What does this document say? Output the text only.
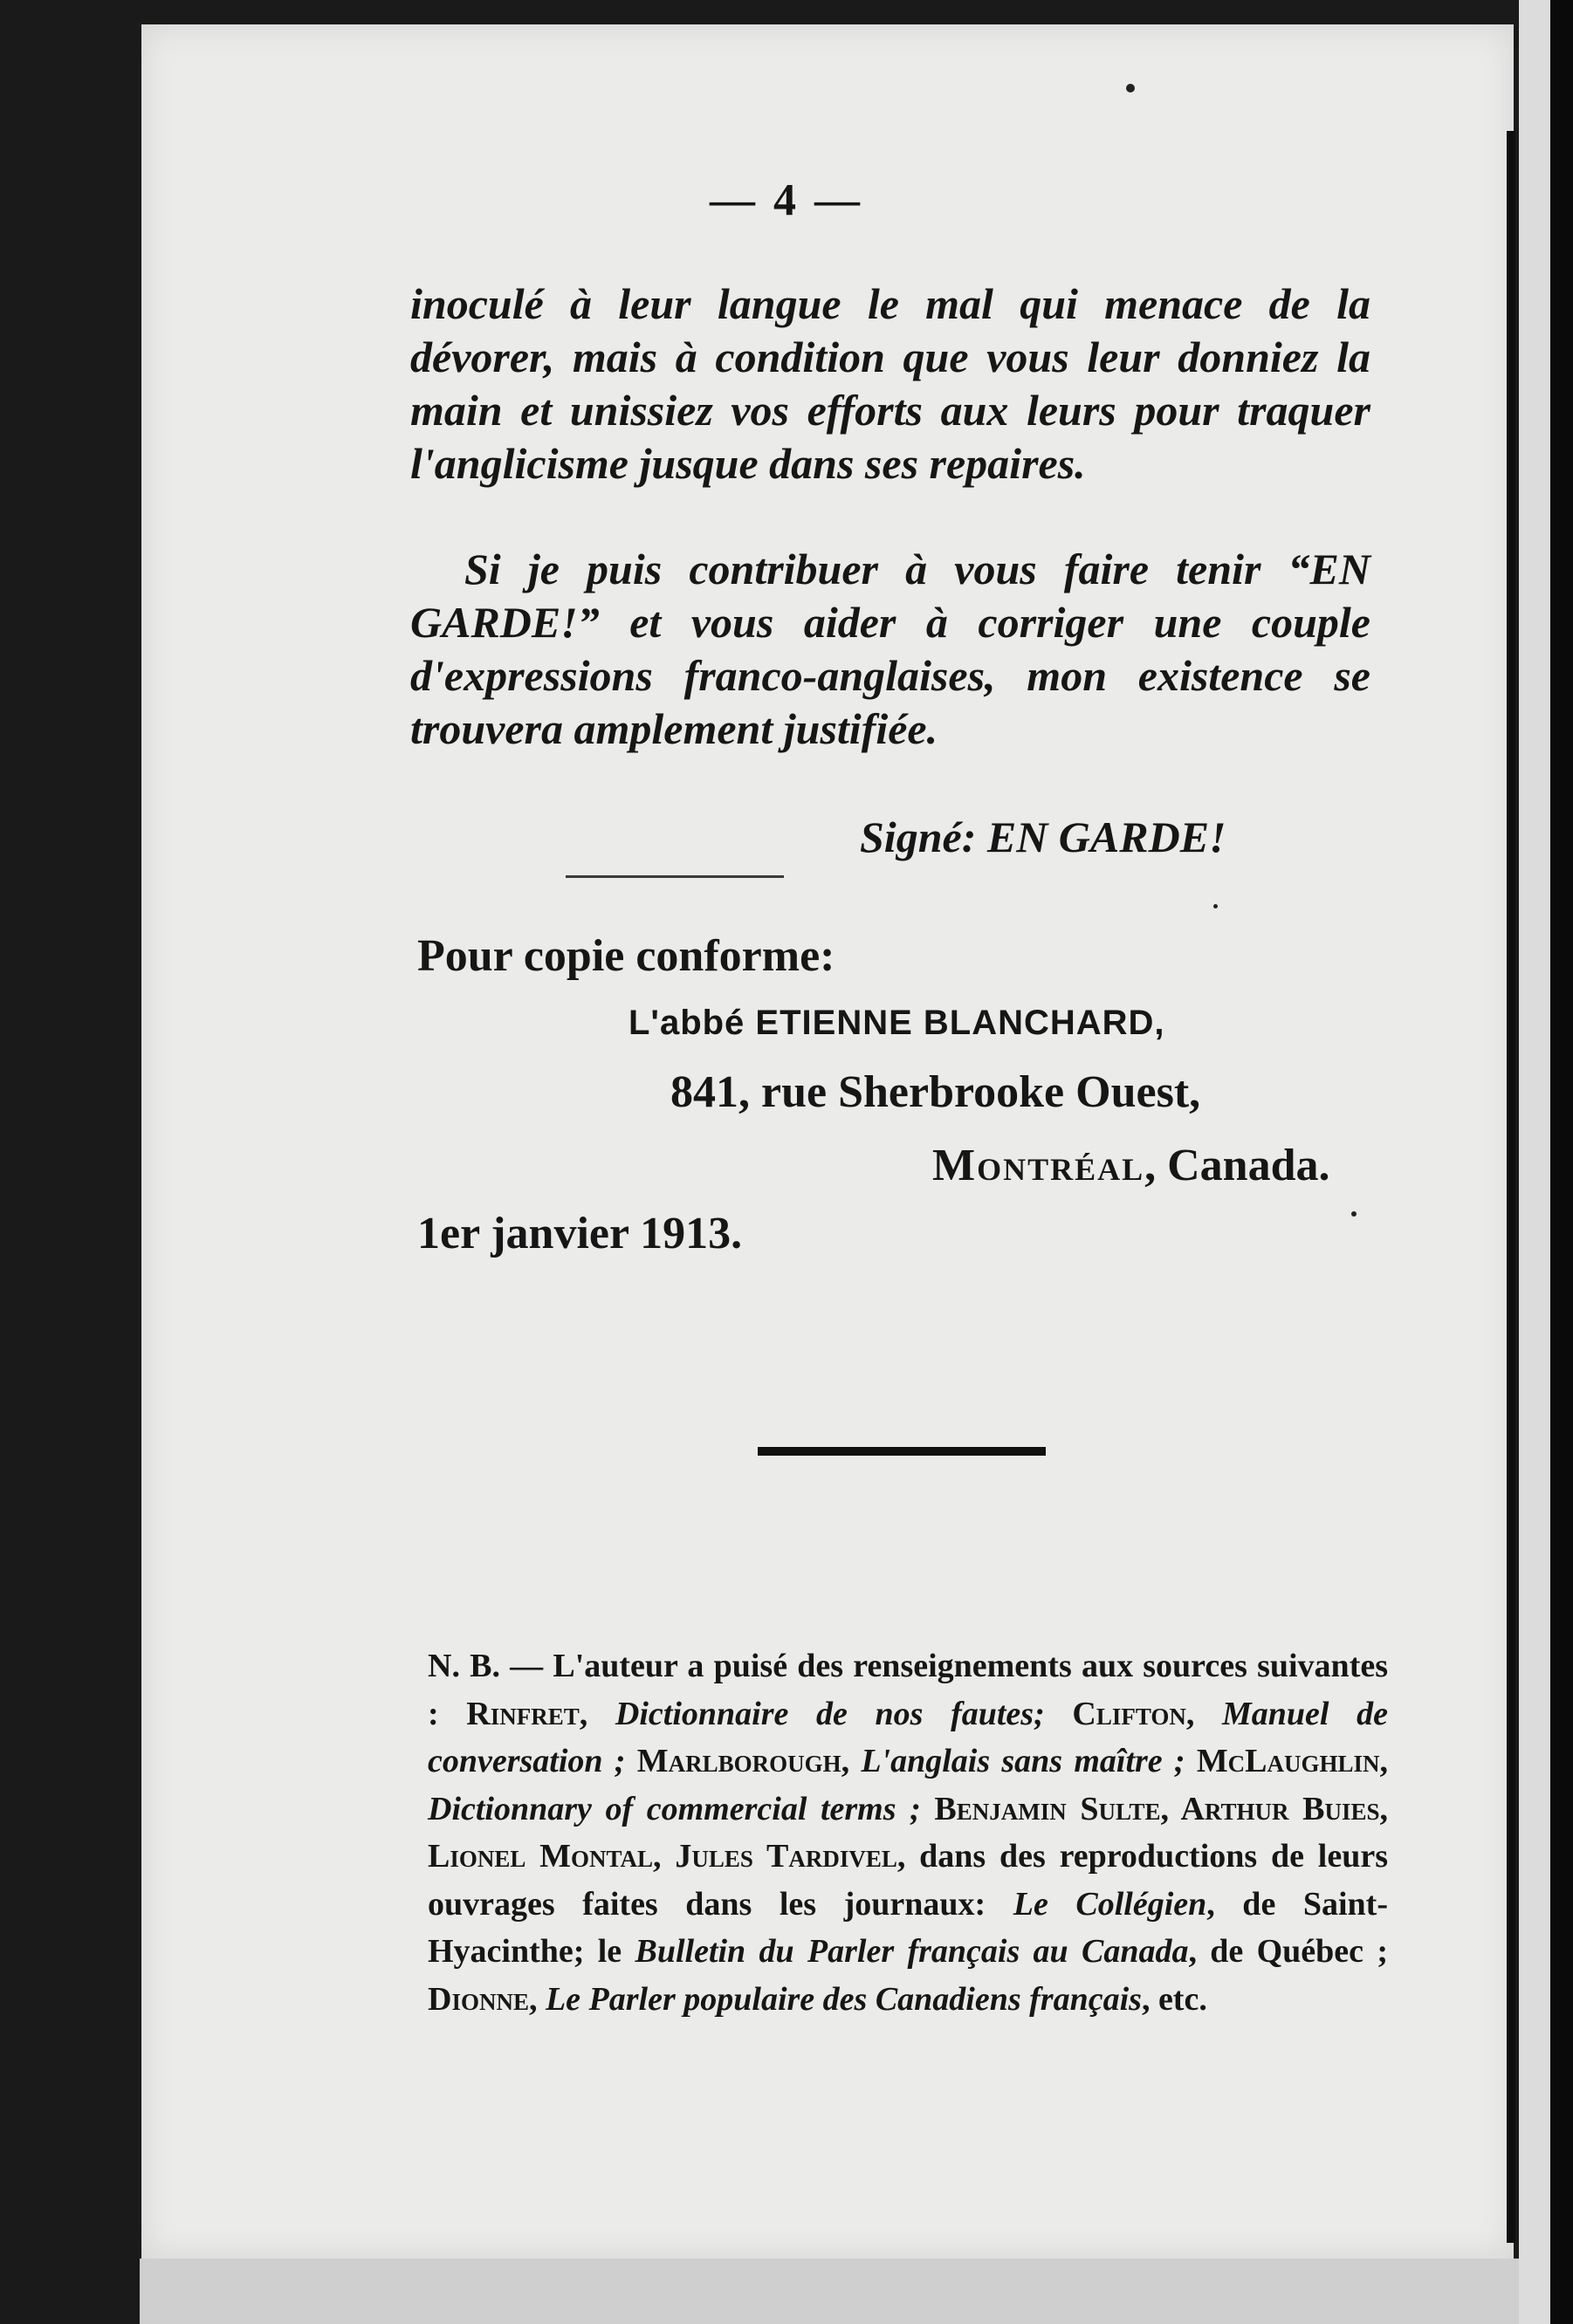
— 4 —
inoculé à leur langue le mal qui menace de la dévorer, mais à condition que vous leur donniez la main et unissiez vos efforts aux leurs pour traquer l'anglicisme jusque dans ses repaires.
Si je puis contribuer à vous faire tenir “EN GARDE!” et vous aider à corriger une couple d'expressions franco-anglaises, mon existence se trouvera amplement justifiée.
Signé: EN GARDE!
Pour copie conforme:
L'abbé ETIENNE BLANCHARD,
841, rue Sherbrooke Ouest,
Montréal, Canada.
1er janvier 1913.
N. B. — L'auteur a puisé des renseignements aux sources suivantes : Rinfret, Dictionnaire de nos fautes; Clifton, Manuel de conversation ; Marlborough, L'anglais sans maître ; McLaughlin, Dictionnary of commercial terms ; Benjamin Sulte, Arthur Buies, Lionel Montal, Jules Tardivel, dans des reproductions de leurs ouvrages faites dans les journaux: Le Collégien, de Saint-Hyacinthe; le Bulletin du Parler français au Canada, de Québec ; Dionne, Le Parler populaire des Canadiens français, etc.
